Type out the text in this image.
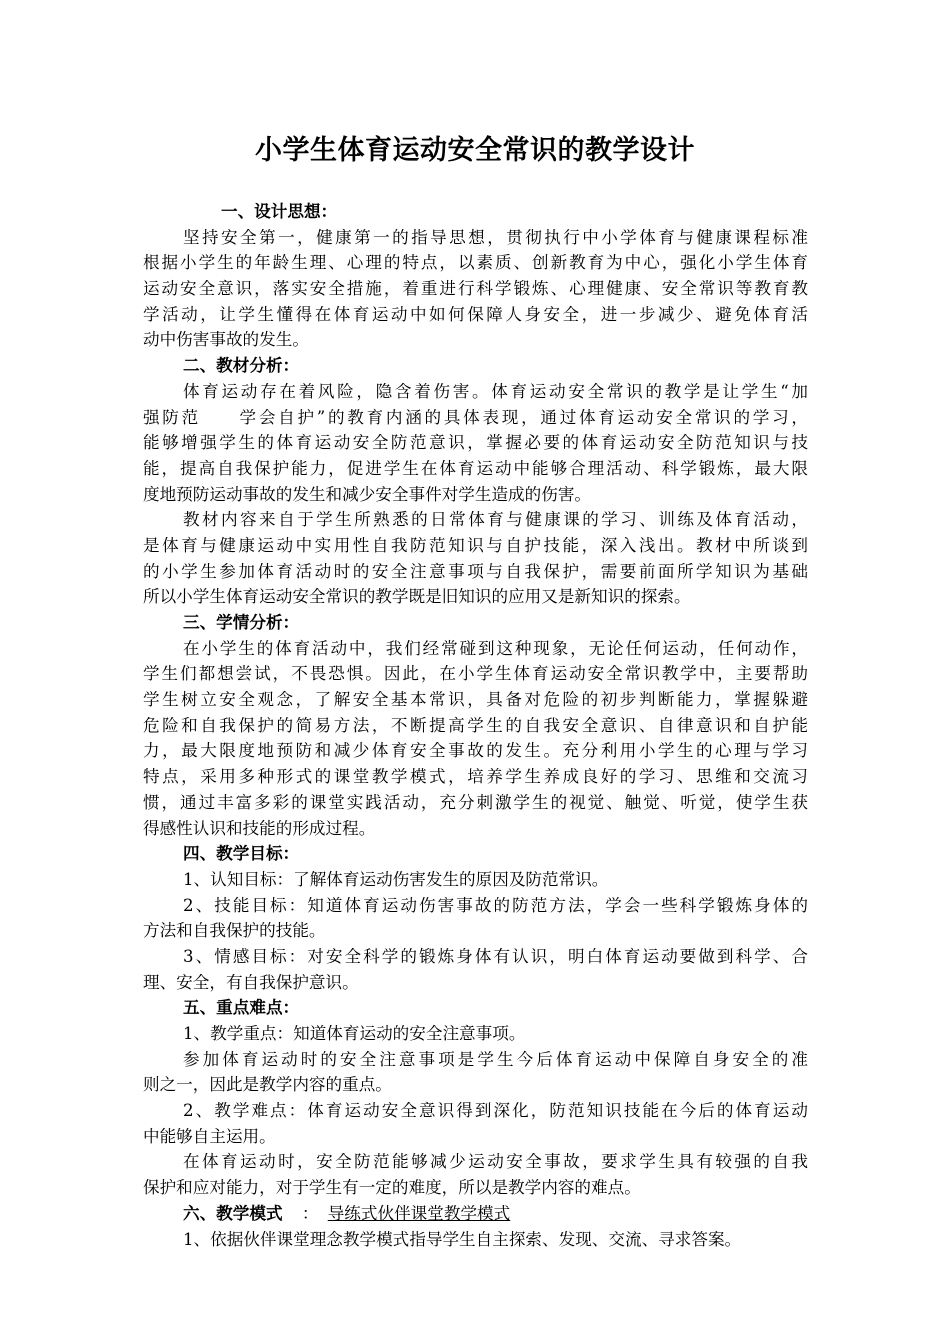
小学生体育运动安全常识的教学设计
一、设计思想：
坚持安全第一，健康第一的指导思想，贯彻执行中小学体育与健康课程标准
根据小学生的年龄生理、心理的特点，以素质、创新教育为中心，强化小学生体育
运动安全意识，落实安全措施，着重进行科学锻炼、心理健康、安全常识等教育教
学活动，让学生懂得在体育运动中如何保障人身安全，进一步减少、避免体育活
动中伤害事故的发生。
二、教材分析：
体育运动存在着风险，隐含着伤害。体育运动安全常识的教学是让学生“加
强防范　　学会自护”的教育内涵的具体表现，通过体育运动安全常识的学习，
能够增强学生的体育运动安全防范意识，掌握必要的体育运动安全防范知识与技
能，提高自我保护能力，促进学生在体育运动中能够合理活动、科学锻炼，最大限
度地预防运动事故的发生和减少安全事件对学生造成的伤害。
教材内容来自于学生所熟悉的日常体育与健康课的学习、训练及体育活动，
是体育与健康运动中实用性自我防范知识与自护技能，深入浅出。教材中所谈到
的小学生参加体育活动时的安全注意事项与自我保护，需要前面所学知识为基础
所以小学生体育运动安全常识的教学既是旧知识的应用又是新知识的探索。
三、学情分析：
在小学生的体育活动中，我们经常碰到这种现象，无论任何运动，任何动作，
学生们都想尝试，不畏恐惧。因此，在小学生体育运动安全常识教学中，主要帮助
学生树立安全观念，了解安全基本常识，具备对危险的初步判断能力，掌握躲避
危险和自我保护的简易方法，不断提高学生的自我安全意识、自律意识和自护能
力，最大限度地预防和减少体育安全事故的发生。充分利用小学生的心理与学习
特点，采用多种形式的课堂教学模式，培养学生养成良好的学习、思维和交流习
惯，通过丰富多彩的课堂实践活动，充分刺激学生的视觉、触觉、听觉，使学生获
得感性认识和技能的形成过程。
四、教学目标：
1、认知目标：了解体育运动伤害发生的原因及防范常识。
2、技能目标：知道体育运动伤害事故的防范方法，学会一些科学锻炼身体的
方法和自我保护的技能。
3、情感目标：对安全科学的锻炼身体有认识，明白体育运动要做到科学、合
理、安全，有自我保护意识。
五、重点难点：
1、教学重点：知道体育运动的安全注意事项。
参加体育运动时的安全注意事项是学生今后体育运动中保障自身安全的准
则之一，因此是教学内容的重点。
2、教学难点：体育运动安全意识得到深化，防范知识技能在今后的体育运动
中能够自主运用。
在体育运动时，安全防范能够减少运动安全事故，要求学生具有较强的自我
保护和应对能力，对于学生有一定的难度，所以是教学内容的难点。
六、教学模式 ： 导练式伙伴课堂教学模式
1、依据伙伴课堂理念教学模式指导学生自主探索、发现、交流、寻求答案。
